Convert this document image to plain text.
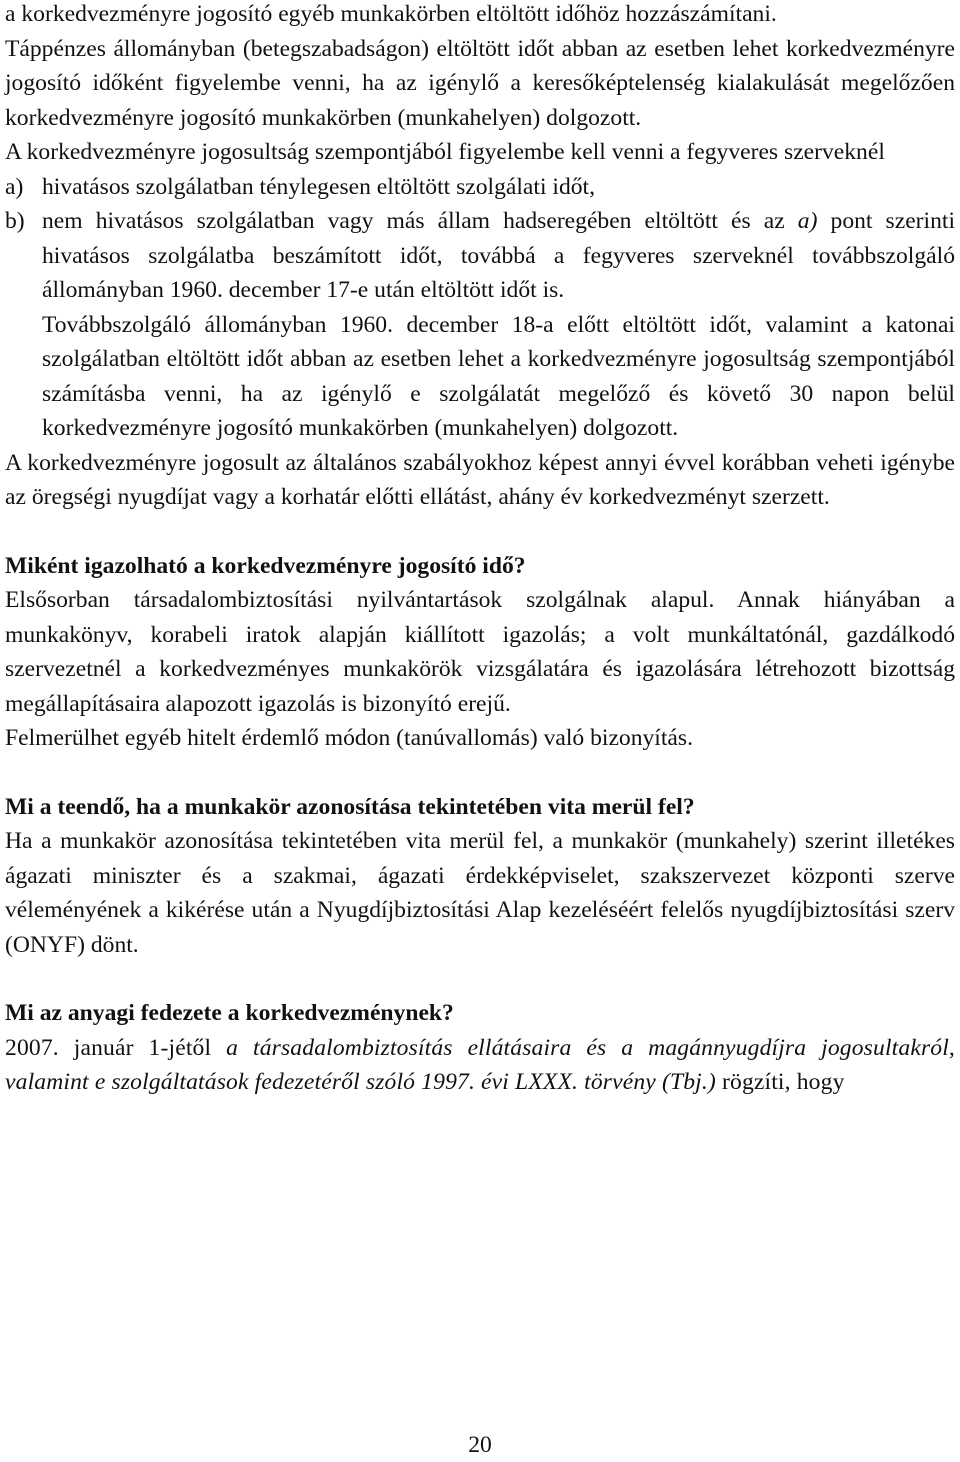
a korkedvezményre jogosító egyéb munkakörben eltöltött időhöz hozzászámítani.

Táppénzes állományban (betegszabadságon) eltöltött időt abban az esetben lehet korkedvezményre jogosító időként figyelembe venni, ha az igénylő a keresőképtelenség kialakulását megelőzően korkedvezményre jogosító munkakörben (munkahelyen) dolgozott.

A korkedvezményre jogosultság szempontjából figyelembe kell venni a fegyveres szerveknél

a) hivatásos szolgálatban ténylegesen eltöltött szolgálati időt,
b) nem hivatásos szolgálatban vagy más állam hadseregében eltöltött és az a) pont szerinti hivatásos szolgálatba beszámított időt, továbbá a fegyveres szerveknél továbbszolgáló állományban 1960. december 17-e után eltöltött időt is.

Továbbszolgáló állományban 1960. december 18-a előtt eltöltött időt, valamint a katonai szolgálatban eltöltött időt abban az esetben lehet a korkedvezményre jogosultság szempontjából számításba venni, ha az igénylő e szolgálatát megelőző és követő 30 napon belül korkedvezményre jogosító munkakörben (munkahelyen) dolgozott.

A korkedvezményre jogosult az általános szabályokhoz képest annyi évvel korábban veheti igénybe az öregségi nyugdíjat vagy a korhatár előtti ellátást, ahány év korkedvezményt szerzett.

Miként igazolható a korkedvezményre jogosító idő?

Elsősorban társadalombiztosítási nyilvántartások szolgálnak alapul. Annak hiányában a munkakönyv, korabeli iratok alapján kiállított igazolás; a volt munkáltatónál, gazdálkodó szervezetnél a korkedvezményes munkakörök vizsgálatára és igazolására létrehozott bizottság megállapításaira alapozott igazolás is bizonyító erejű.

Felmerülhet egyéb hitelt érdemlő módon (tanúvallomás) való bizonyítás.

Mi a teendő, ha a munkakör azonosítása tekintetében vita merül fel?

Ha a munkakör azonosítása tekintetében vita merül fel, a munkakör (munkahely) szerint illetékes ágazati miniszter és a szakmai, ágazati érdekképviselet, szakszervezet központi szerve véleményének a kikérése után a Nyugdíjbiztosítási Alap kezeléséért felelős nyugdíjbiztosítási szerv (ONYF) dönt.

Mi az anyagi fedezete a korkedvezménynek?

2007. január 1-jétől a társadalombiztosítás ellátásaira és a magánnyugdíjra jogosultakról, valamint e szolgáltatások fedezetéről szóló 1997. évi LXXX. törvény (Tbj.) rögzíti, hogy

20
